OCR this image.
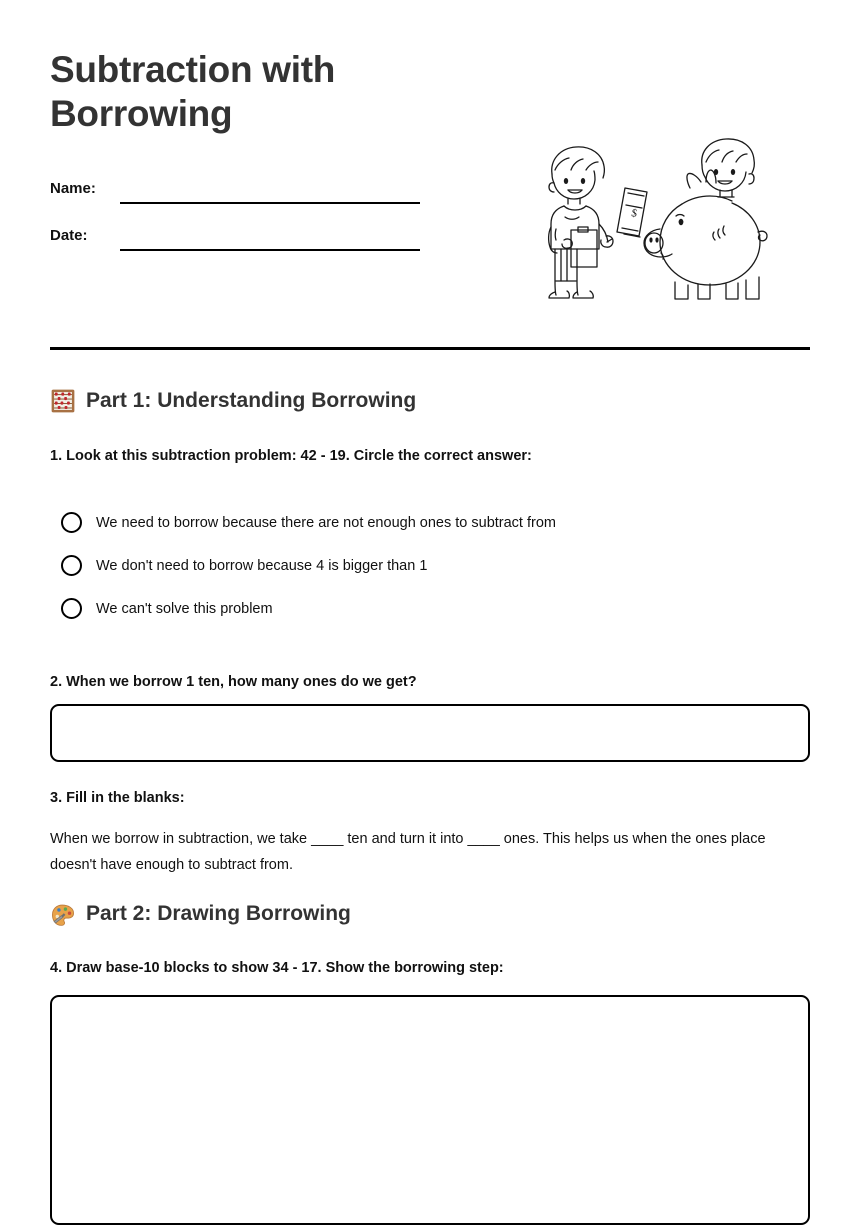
Subtraction with Borrowing
Name:
Date:
$
Part 1: Understanding Borrowing

1. Look at this subtraction problem: 42 - 19. Circle the correct answer:

We need to borrow because there are not enough ones to subtract from
We don't need to borrow because 4 is bigger than 1
We can't solve this problem

2. When we borrow 1 ten, how many ones do we get?

3. Fill in the blanks:

When we borrow in subtraction, we take ____ ten and turn it into ____ ones. This helps us when the ones place doesn't have enough to subtract from.

Part 2: Drawing Borrowing

4. Draw base-10 blocks to show 34 - 17. Show the borrowing step:
